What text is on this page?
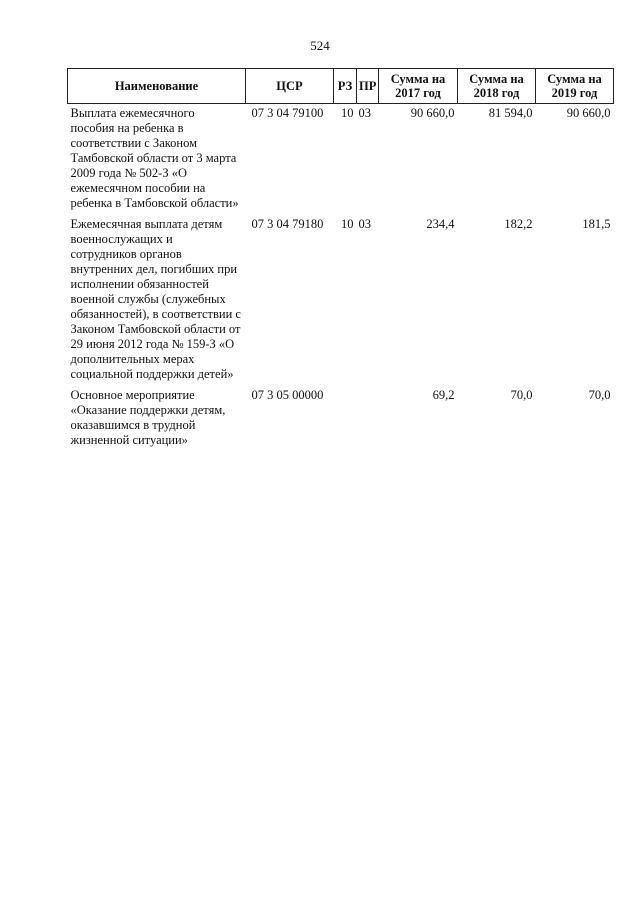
524
Наименование	ЦСР	РЗ	ПР	Сумма на 2017 год	Сумма на 2018 год	Сумма на 2019 год
Выплата ежемесячного пособия на ребенка в соответствии с Законом Тамбовской области от 3 марта 2009 года № 502-З «О ежемесячном пособии на ребенка в Тамбовской области»	07 3 04 79100	10	03	90 660,0	81 594,0	90 660,0
Ежемесячная выплата детям военнослужащих и сотрудников органов внутренних дел, погибших при исполнении обязанностей военной службы (служебных обязанностей), в соответствии с Законом Тамбовской области от 29 июня 2012 года № 159-З «О дополнительных мерах социальной поддержки детей»	07 3 04 79180	10	03	234,4	182,2	181,5
Основное мероприятие «Оказание поддержки детям, оказавшимся в трудной жизненной ситуации»	07 3 05 00000			69,2	70,0	70,0
